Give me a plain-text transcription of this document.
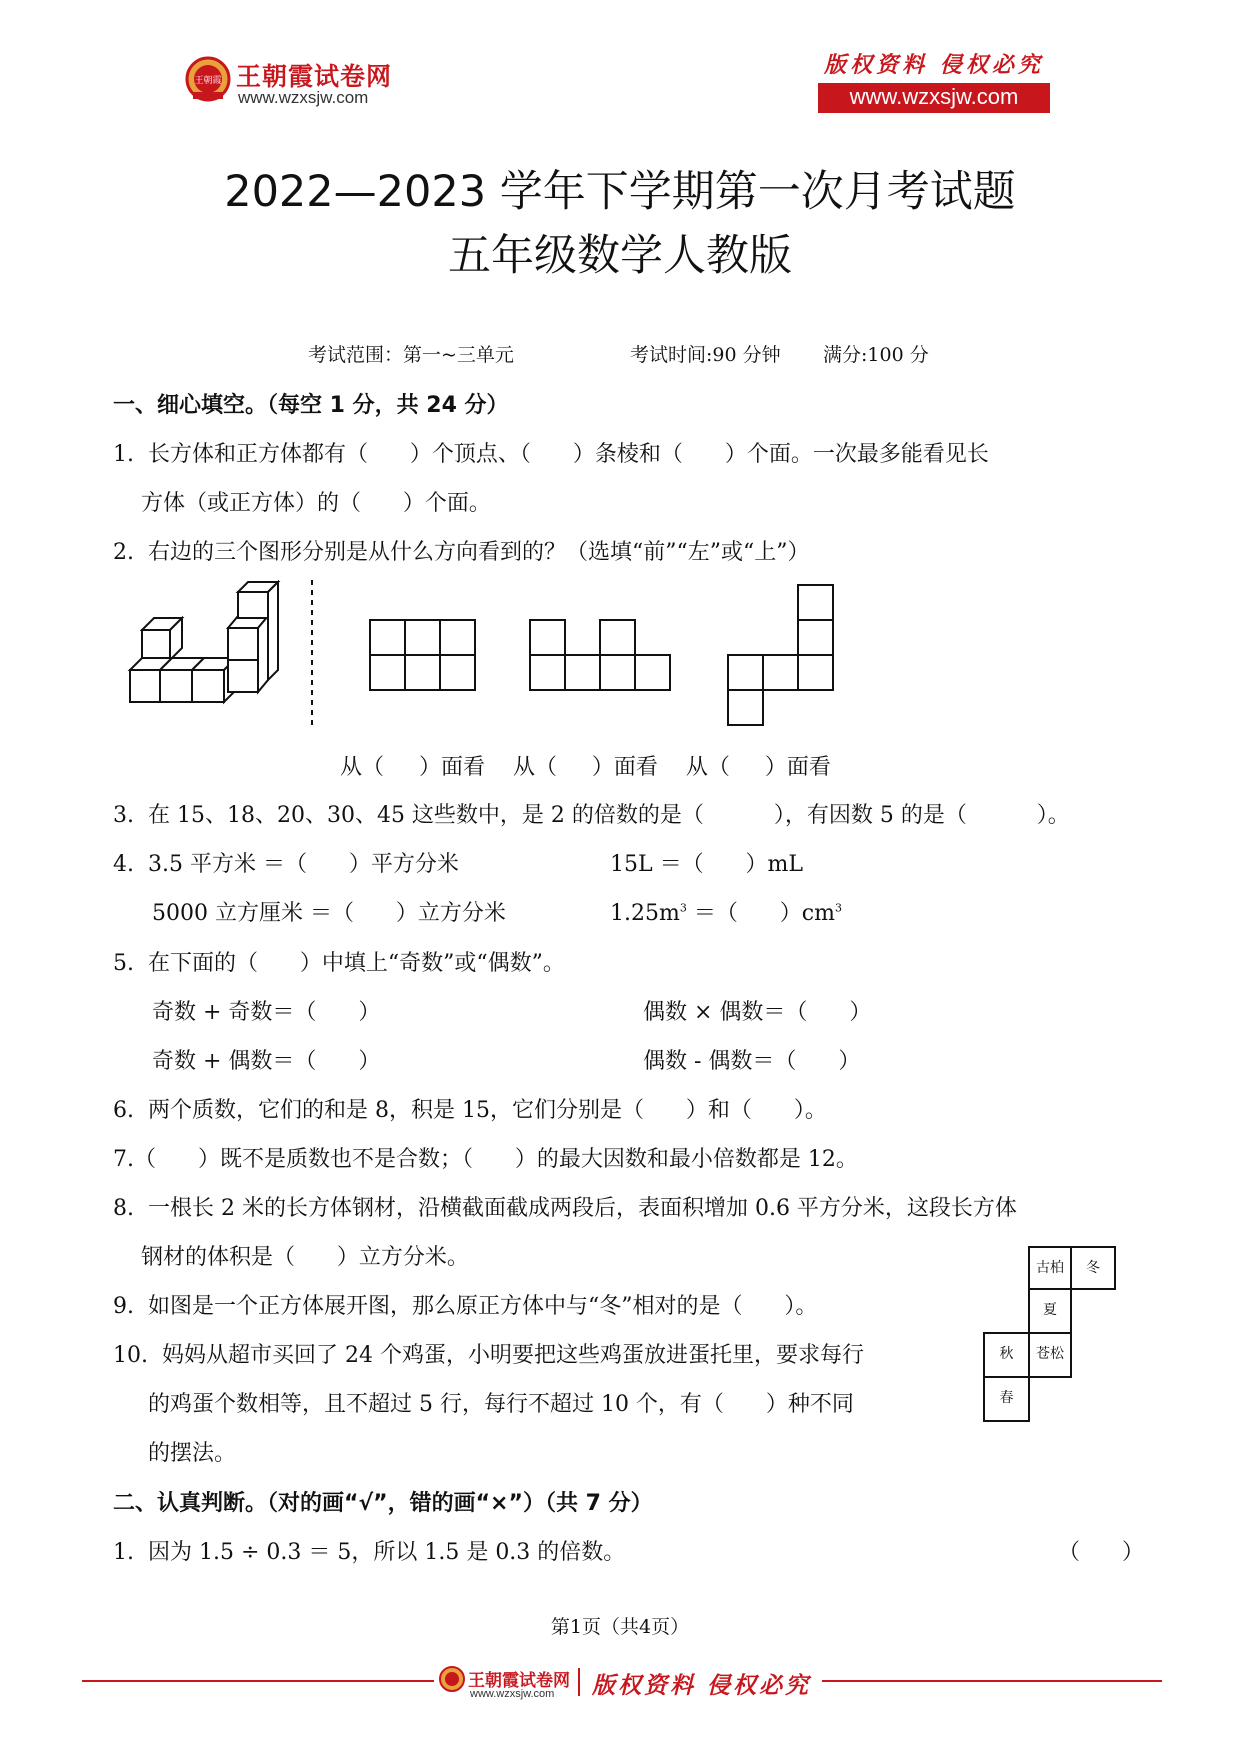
王朝霞 王朝霞试卷网
www.wzxsjw.com
版权资料 侵权必究
www.wzxsjw.com
2022—2023 学年下学期第一次月考试题
五年级数学人教版
考试范围：第一~三单元	考试时间:90 分钟 满分:100 分
一、细心填空。（每空 1 分，共 24 分）
1.  长方体和正方体都有（      ）个顶点、（      ）条棱和（      ）个面。一次最多能看见长
方体（或正方体）的（      ）个面。
2.  右边的三个图形分别是从什么方向看到的？（选填“前”“左”或“上”）
从（     ）面看    从（     ）面看    从（     ）面看
3.  在 15、18、20、30、45 这些数中，是 2 的倍数的是（          ），有因数 5 的是（          ）。
4.  3.5 平方米 ＝（      ）平方分米	15L ＝（      ）mL
5000 立方厘米 ＝（      ）立方分米	$1.25m^3$ ＝（      ）$cm^3$
5.  在下面的（      ）中填上“奇数”或“偶数”。
奇数 + 奇数＝（      ）	偶数 × 偶数＝（      ）
奇数 + 偶数＝（      ）	偶数 - 偶数＝（      ）
6.  两个质数，它们的和是 8，积是 15，它们分别是（      ）和（      ）。
7.（      ）既不是质数也不是合数；（      ）的最大因数和最小倍数都是 12。
8.  一根长 2 米的长方体钢材，沿横截面截成两段后，表面积增加 0.6 平方分米，这段长方体
钢材的体积是（      ）立方分米。
9.  如图是一个正方体展开图，那么原正方体中与“冬”相对的是（      ）。
10.  妈妈从超市买回了 24 个鸡蛋，小明要把这些鸡蛋放进蛋托里，要求每行
的鸡蛋个数相等，且不超过 5 行，每行不超过 10 个，有（      ）种不同
的摆法。
古柏	冬
夏
秋	苍松
春
二、认真判断。（对的画“√”，错的画“×”）（共 7 分）
1.  因为 1.5 ÷ 0.3 ＝ 5，所以 1.5 是 0.3 的倍数。	（      ）
第1页（共4页）
王朝霞试卷网
www.wzxsjw.com 版权资料 侵权必究
